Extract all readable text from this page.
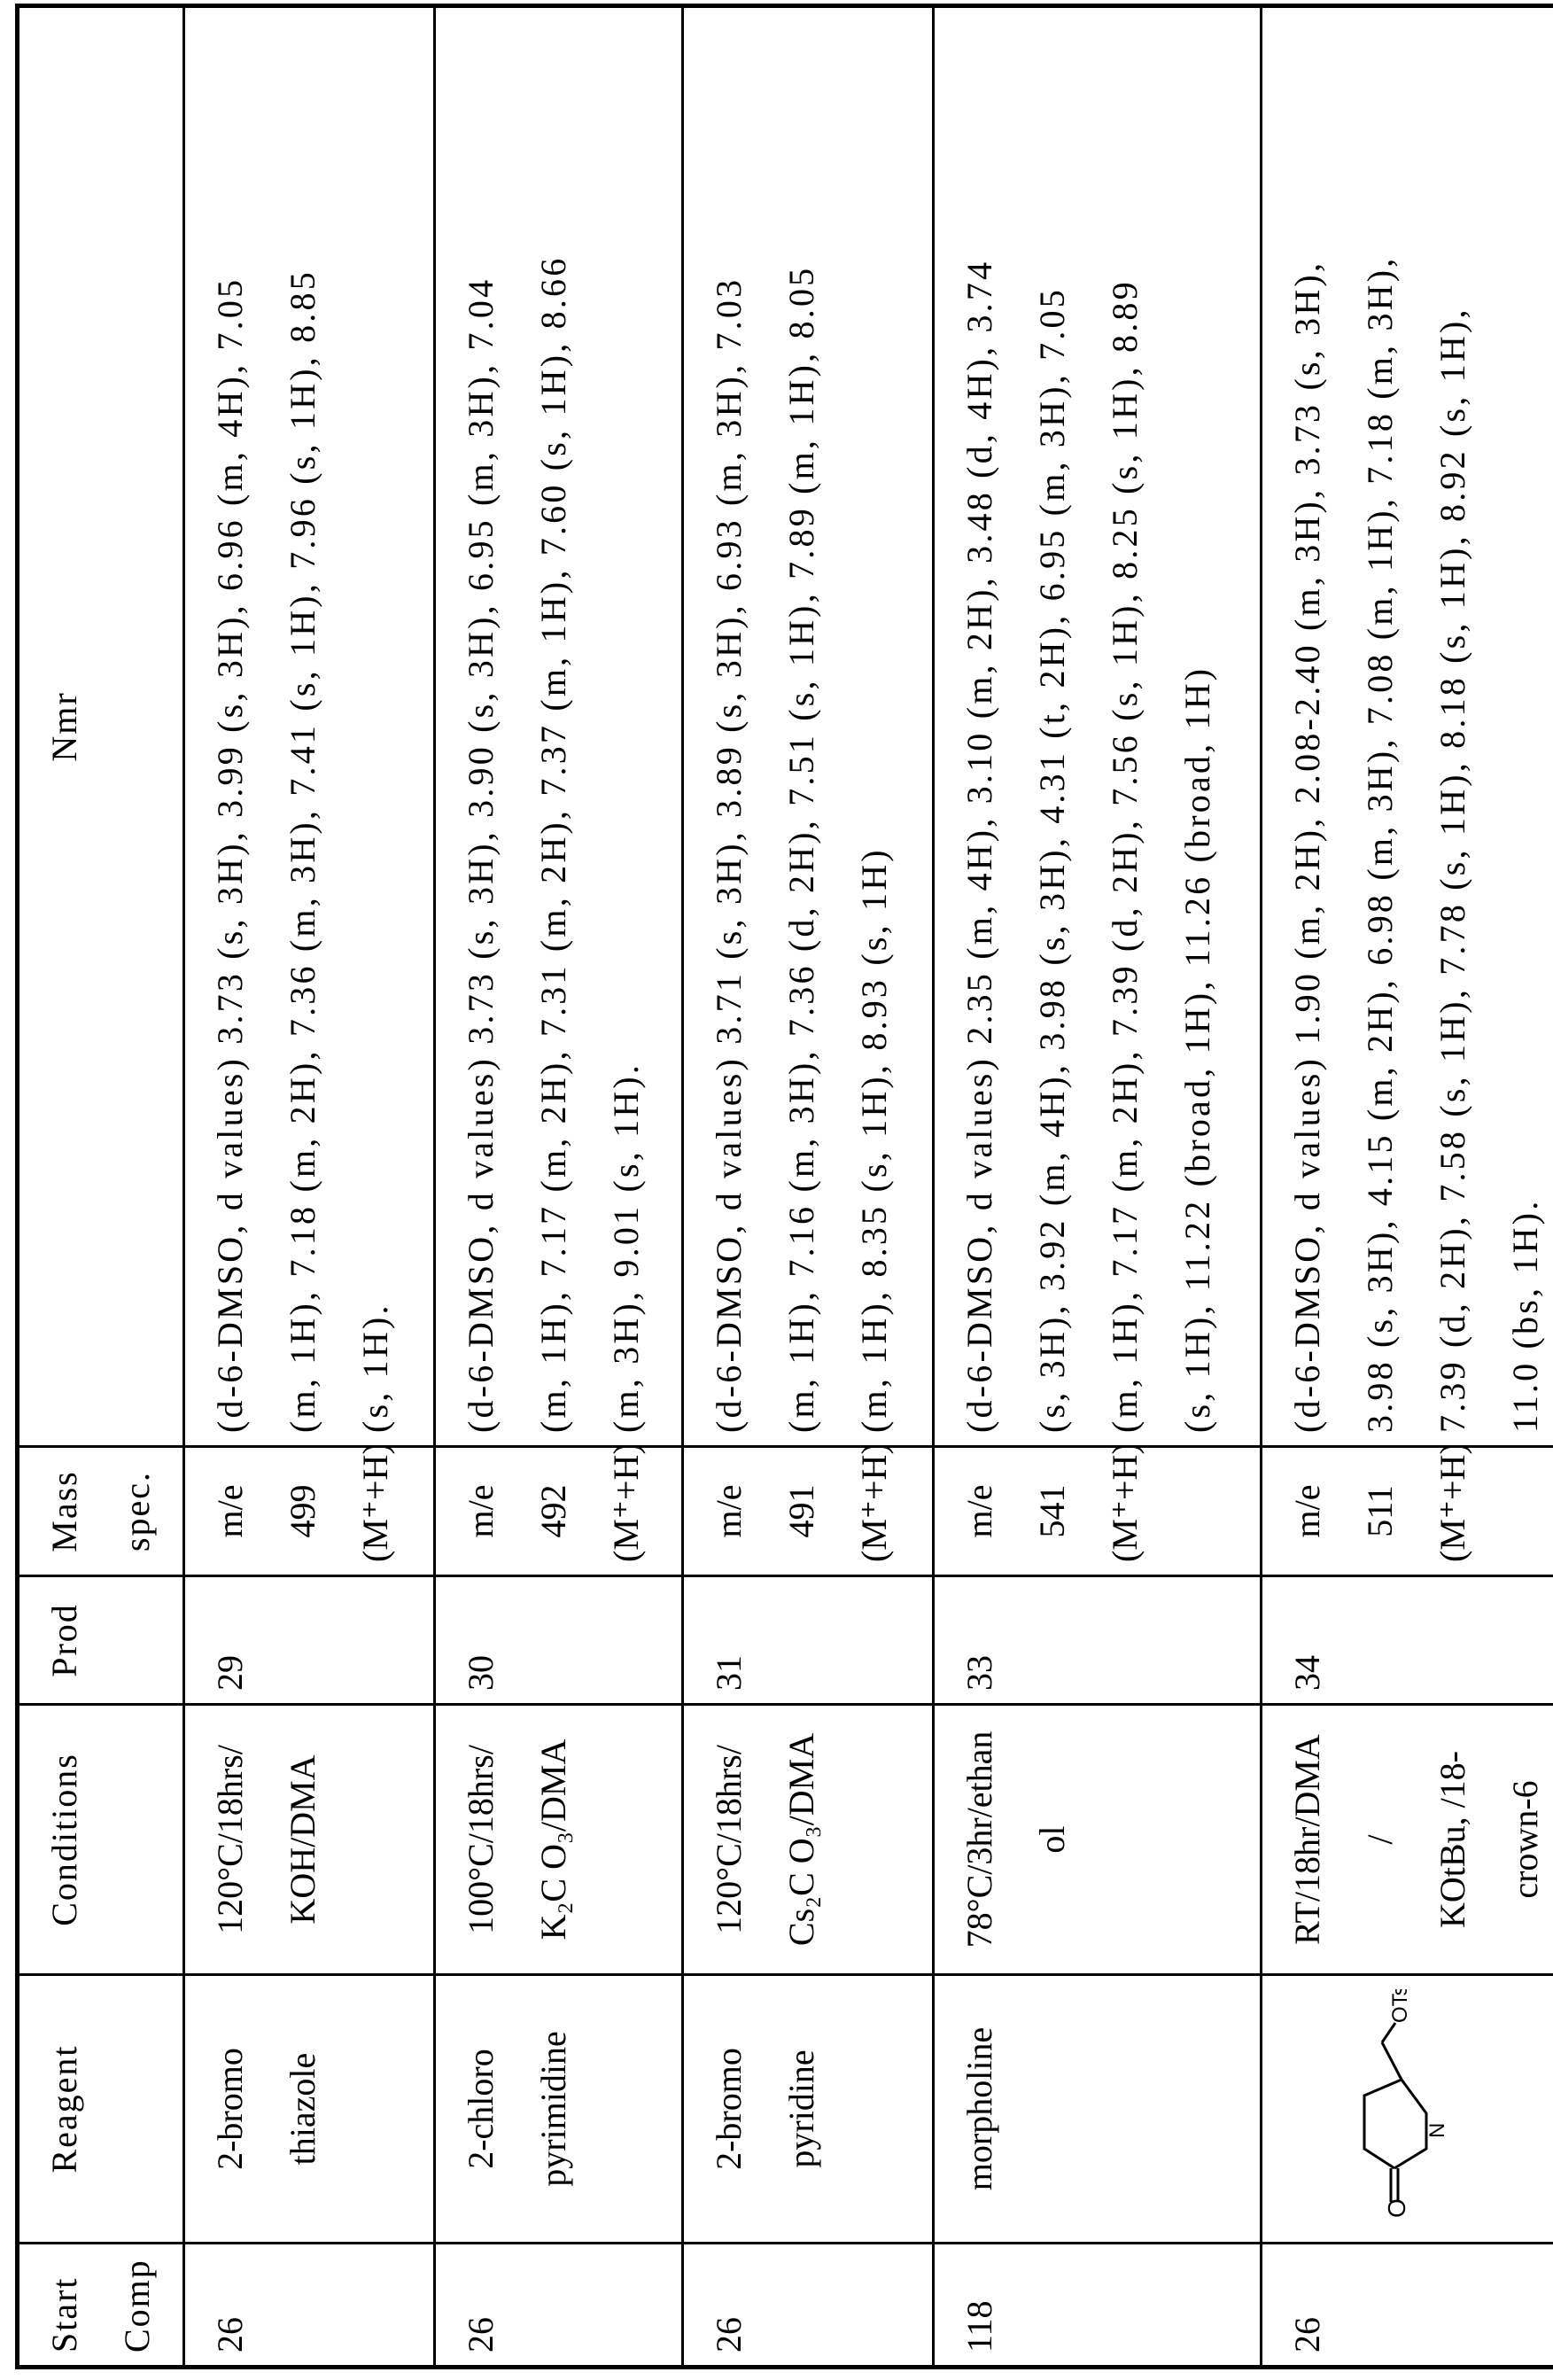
Start Comp

Reagent

Conditions

Prod

Mass spec.

Nmr

26

2-bromo thiazole

120°C/18hrs/ KOH/DMA

29

m/e 499 (M⁺+H)

(d-6-DMSO, d values) 3.73 (s, 3H), 3.99 (s, 3H), 6.96 (m, 4H), 7.05 (m, 1H), 7.18 (m, 2H), 7.36 (m, 3H), 7.41 (s, 1H), 7.96 (s, 1H), 8.85 (s, 1H).

26

2-chloro pyrimidine

100°C/18hrs/ K₂C O₃/DMA

30

m/e 492 (M⁺+H)

(d-6-DMSO, d values) 3.73 (s, 3H), 3.90 (s, 3H), 6.95 (m, 3H), 7.04 (m, 1H), 7.17 (m, 2H), 7.31 (m, 2H), 7.37 (m, 1H), 7.60 (s, 1H), 8.66 (m, 3H), 9.01 (s, 1H).

26

2-bromo pyridine

120°C/18hrs/ Cs₂C O₃/DMA

31

m/e 491 (M⁺+H)

(d-6-DMSO, d values) 3.71 (s, 3H), 3.89 (s, 3H), 6.93 (m, 3H), 7.03 (m, 1H), 7.16 (m, 3H), 7.36 (d, 2H), 7.51 (s, 1H), 7.89 (m, 1H), 8.05 (m, 1H), 8.35 (s, 1H), 8.93 (s, 1H)

118

morpholine

78°C/3hr/ethan ol

33

m/e 541 (M⁺+H)

(d-6-DMSO, d values) 2.35 (m, 4H), 3.10 (m, 2H), 3.48 (d, 4H), 3.74 (s, 3H), 3.92 (m, 4H), 3.98 (s, 3H), 4.31 (t, 2H), 6.95 (m, 3H), 7.05 (m, 1H), 7.17 (m, 2H), 7.39 (d, 2H), 7.56 (s, 1H), 8.25 (s, 1H), 8.89 (s, 1H), 11.22 (broad, 1H), 11.26 (broad, 1H)

26

O
N
OTs

RT/18hr/DMA / KOtBu, /18- crown-6

34

m/e 511 (M⁺+H)

(d-6-DMSO, d values) 1.90 (m, 2H), 2.08-2.40 (m, 3H), 3.73 (s, 3H), 3.98 (s, 3H), 4.15 (m, 2H), 6.98 (m, 3H), 7.08 (m, 1H), 7.18 (m, 3H), 7.39 (d, 2H), 7.58 (s, 1H), 7.78 (s, 1H), 8.18 (s, 1H), 8.92 (s, 1H), 11.0 (bs, 1H).
